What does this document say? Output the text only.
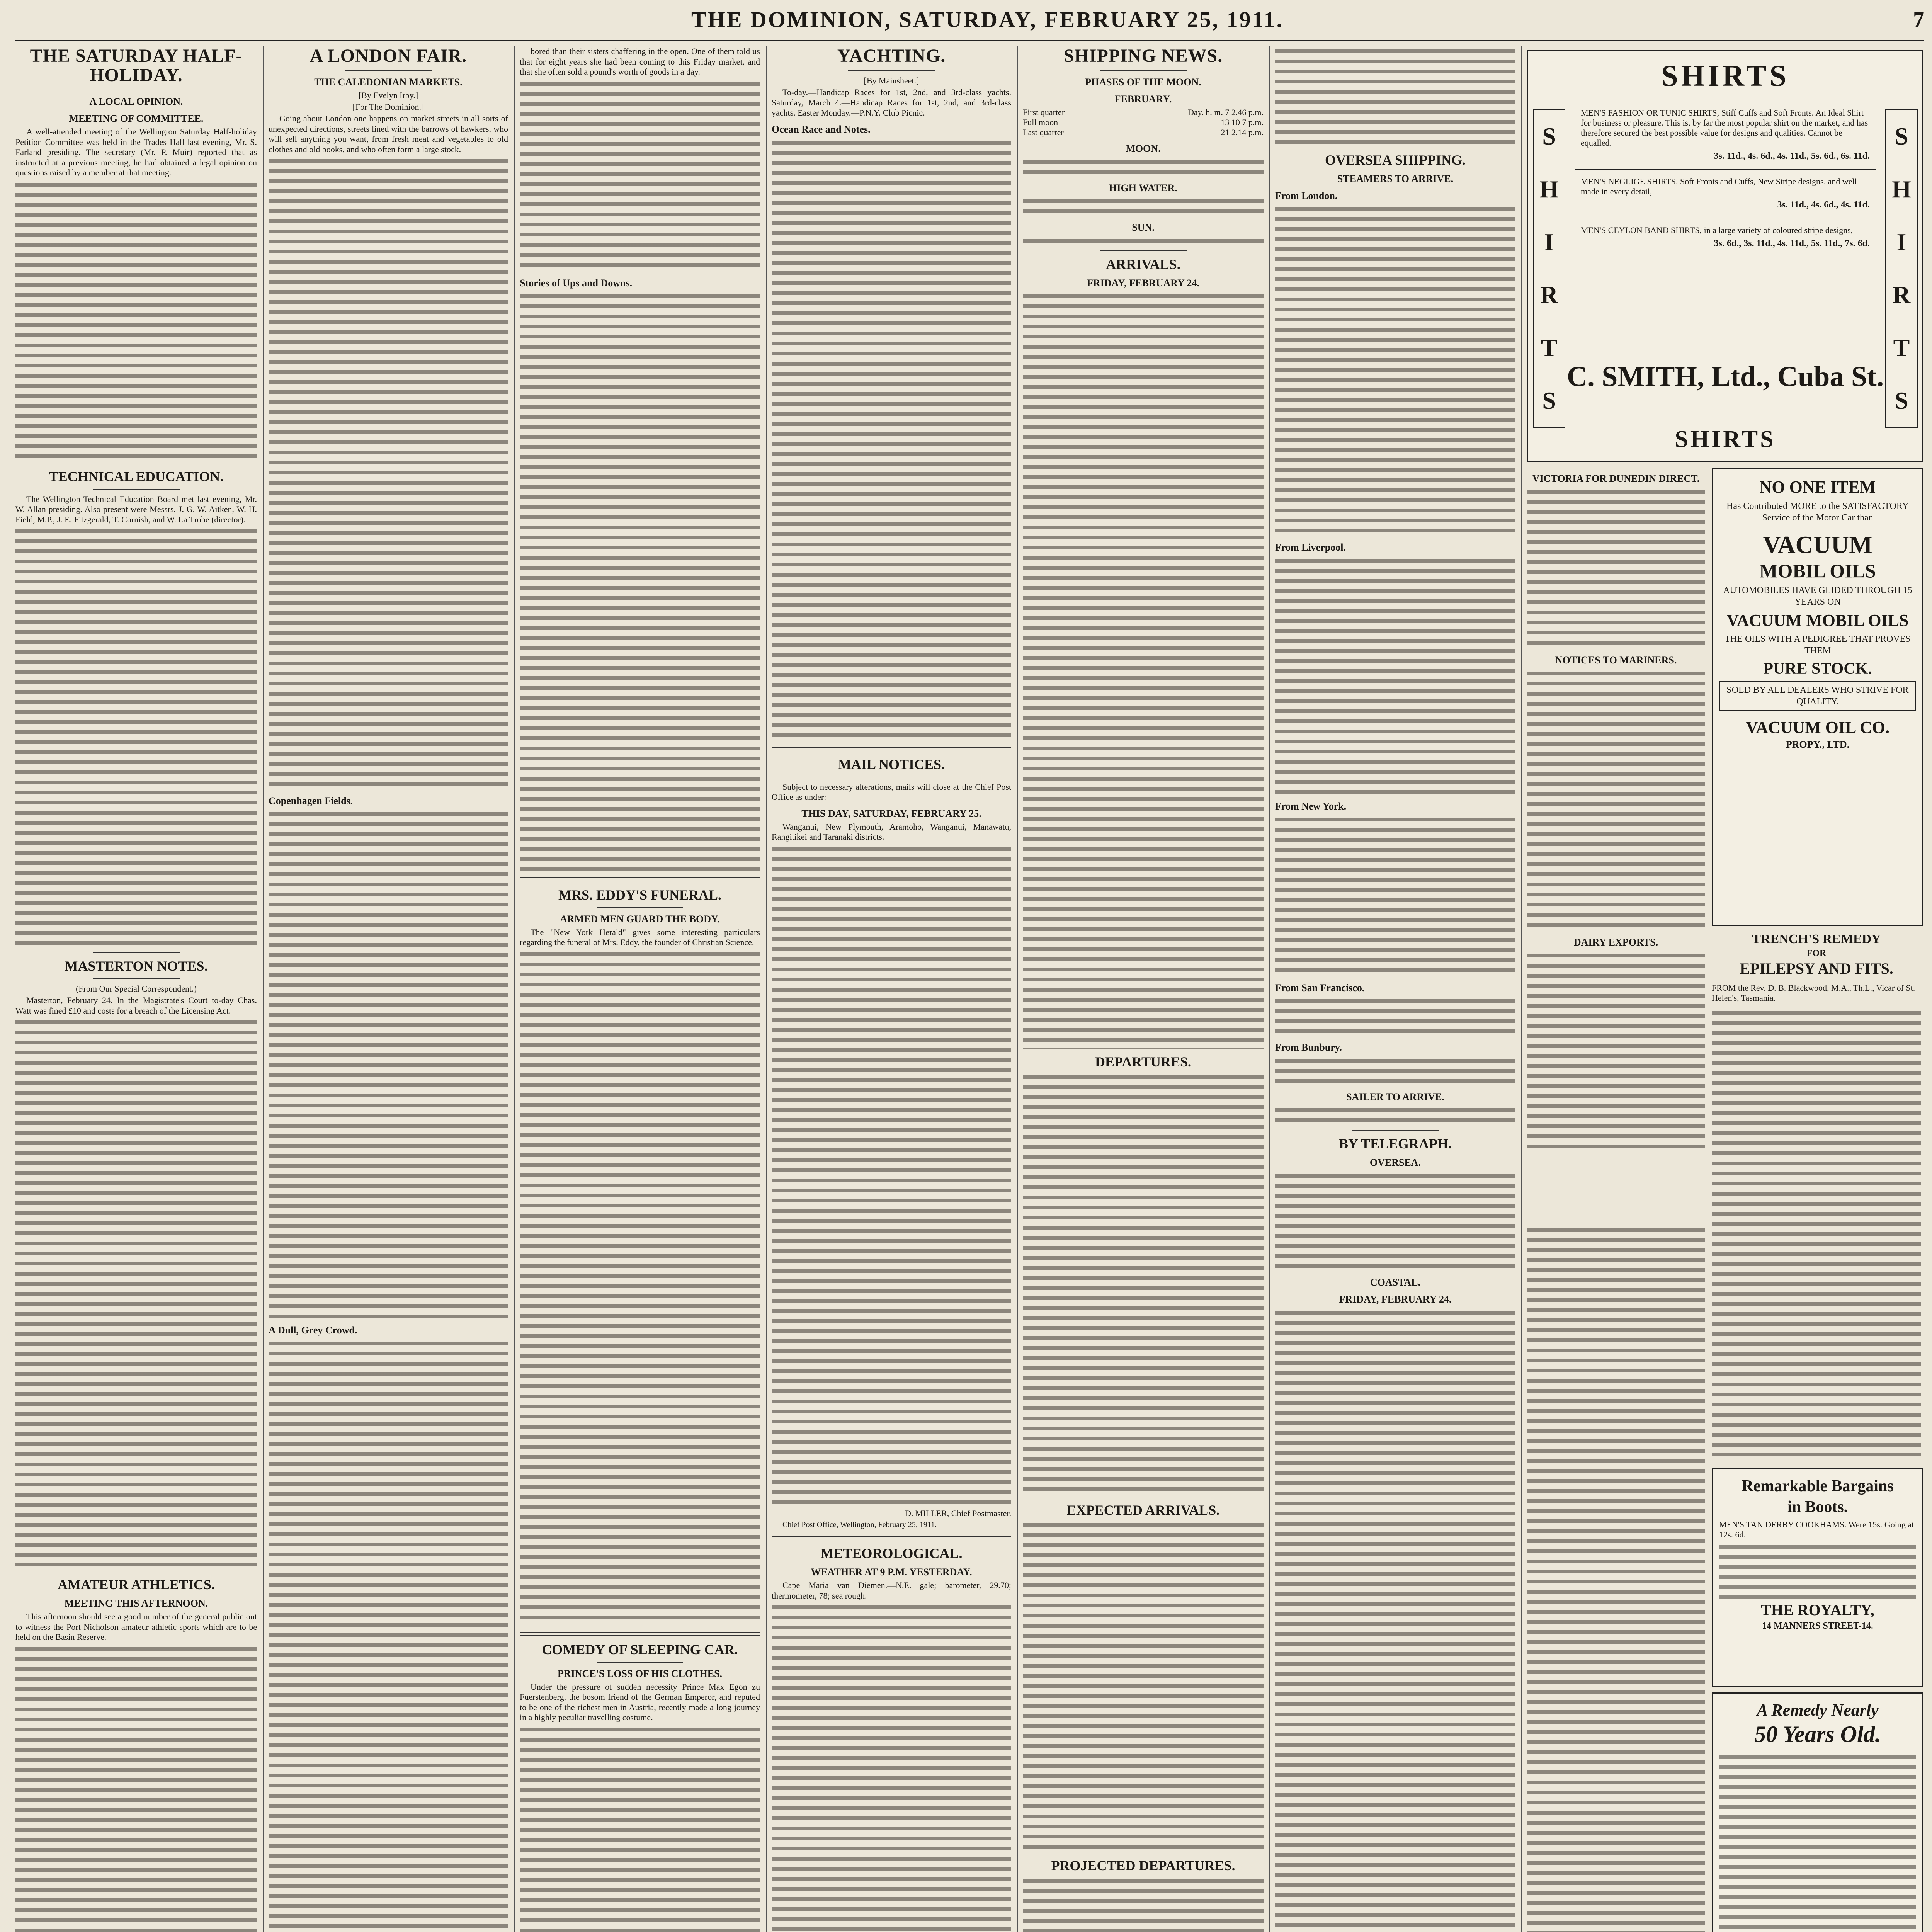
THE DOMINION, SATURDAY, FEBRUARY 25, 1911.	7
THE SATURDAY HALF-HOLIDAY.
A LOCAL OPINION.
MEETING OF COMMITTEE.

A well-attended meeting of the Wellington Saturday Half-holiday Petition Committee was held in the Trades Hall last evening, Mr. S. Farland presiding. The secretary (Mr. P. Muir) reported that as instructed at a previous meeting, he had obtained a legal opinion on questions raised by a member at that meeting.

TECHNICAL EDUCATION.

The Wellington Technical Education Board met last evening, Mr. W. Allan presiding. Also present were Messrs. J. G. W. Aitken, W. H. Field, M.P., J. E. Fitzgerald, T. Cornish, and W. La Trobe (director).

MASTERTON NOTES.
(From Our Special Correspondent.)

Masterton, February 24. In the Magistrate's Court to-day Chas. Watt was fined £10 and costs for a breach of the Licensing Act.

AMATEUR ATHLETICS.
MEETING THIS AFTERNOON.

This afternoon should see a good number of the general public out to witness the Port Nicholson amateur athletic sports which are to be held on the Basin Reserve.

A LONDON FAIR.
THE CALEDONIAN MARKETS.
[By Evelyn Irby.]
[For The Dominion.]

Going about London one happens on market streets in all sorts of unexpected directions, streets lined with the barrows of hawkers, who will sell anything you want, from fresh meat and vegetables to old clothes and old books, and who often form a large stock.

Copenhagen Fields.
A Dull, Grey Crowd.

bored than their sisters chaffering in the open. One of them told us that for eight years she had been coming to this Friday market, and that she often sold a pound's worth of goods in a day.

Stories of Ups and Downs.
MRS. EDDY'S FUNERAL.
ARMED MEN GUARD THE BODY.

The "New York Herald" gives some interesting particulars regarding the funeral of Mrs. Eddy, the founder of Christian Science.

COMEDY OF SLEEPING CAR.
PRINCE'S LOSS OF HIS CLOTHES.

Under the pressure of sudden necessity Prince Max Egon zu Fuerstenberg, the bosom friend of the German Emperor, and reputed to be one of the richest men in Austria, recently made a long journey in a highly peculiar travelling costume.

YACHTING.
[By Mainsheet.]

To-day.—Handicap Races for 1st, 2nd, and 3rd-class yachts. Saturday, March 4.—Handicap Races for 1st, 2nd, and 3rd-class yachts. Easter Monday.—P.N.Y. Club Picnic.

Ocean Race and Notes.
MAIL NOTICES.

Subject to necessary alterations, mails will close at the Chief Post Office as under:—

THIS DAY, SATURDAY, FEBRUARY 25.

Wanganui, New Plymouth, Aramoho, Wanganui, Manawatu, Rangitikei and Taranaki districts.

D. MILLER, Chief Postmaster.

Chief Post Office, Wellington, February 25, 1911.

METEOROLOGICAL.
WEATHER AT 9 P.M. YESTERDAY.

Cape Maria van Diemen.—N.E. gale; barometer, 29.70; thermometer, 78; sea rough.

SHIPPING NEWS.
PHASES OF THE MOON.
FEBRUARY.
First quarter	Day. h. m. 7 2.46 p.m.
Full moon	13 10 7 p.m.
Last quarter	21 2.14 p.m.
MOON.
HIGH WATER.
SUN.
ARRIVALS.
FRIDAY, FEBRUARY 24.
DEPARTURES.
EXPECTED ARRIVALS.
PROJECTED DEPARTURES.
OVERSEA SHIPPING.
STEAMERS TO ARRIVE.
From London.
From Liverpool.
From New York.
From San Francisco.
From Bunbury.
SAILER TO ARRIVE.
BY TELEGRAPH.
OVERSEA.
COASTAL.
FRIDAY, FEBRUARY 24.
SHIRTS
S
H
I
R
T
S
S
H
I
R
T
S

MEN'S FASHION OR TUNIC SHIRTS, Stiff Cuffs and Soft Fronts. An Ideal Shirt for business or pleasure. This is, by far the most popular shirt on the market, and has therefore secured the best possible value for designs and qualities. Cannot be equalled.

3s. 11d., 4s. 6d., 4s. 11d., 5s. 6d., 6s. 11d.

MEN'S NEGLIGE SHIRTS, Soft Fronts and Cuffs, New Stripe designs, and well made in every detail,

3s. 11d., 4s. 6d., 4s. 11d.

MEN'S CEYLON BAND SHIRTS, in a large variety of coloured stripe designs,

3s. 6d., 3s. 11d., 4s. 11d., 5s. 11d., 7s. 6d.

C. SMITH, Ltd., Cuba St.
SHIRTS
VICTORIA FOR DUNEDIN DIRECT.
NOTICES TO MARINERS.
DAIRY EXPORTS.
NO ONE ITEM

Has Contributed MORE to the SATISFACTORY Service of the Motor Car than

VACUUM
MOBIL OILS

AUTOMOBILES HAVE GLIDED THROUGH 15 YEARS ON

VACUUM MOBIL OILS

THE OILS WITH A PEDIGREE THAT PROVES THEM

PURE STOCK.

SOLD BY ALL DEALERS WHO STRIVE FOR QUALITY.

VACUUM OIL CO.
PROPY., LTD.
TRENCH'S REMEDY
FOR
EPILEPSY AND FITS.

FROM the Rev. D. B. Blackwood, M.A., Th.L., Vicar of St. Helen's, Tasmania.

Remarkable Bargains
in Boots.

MEN'S TAN DERBY COOKHAMS. Were 15s. Going at 12s. 6d.

THE ROYALTY,
14 MANNERS STREET-14.
A Remedy Nearly
50 Years Old.
